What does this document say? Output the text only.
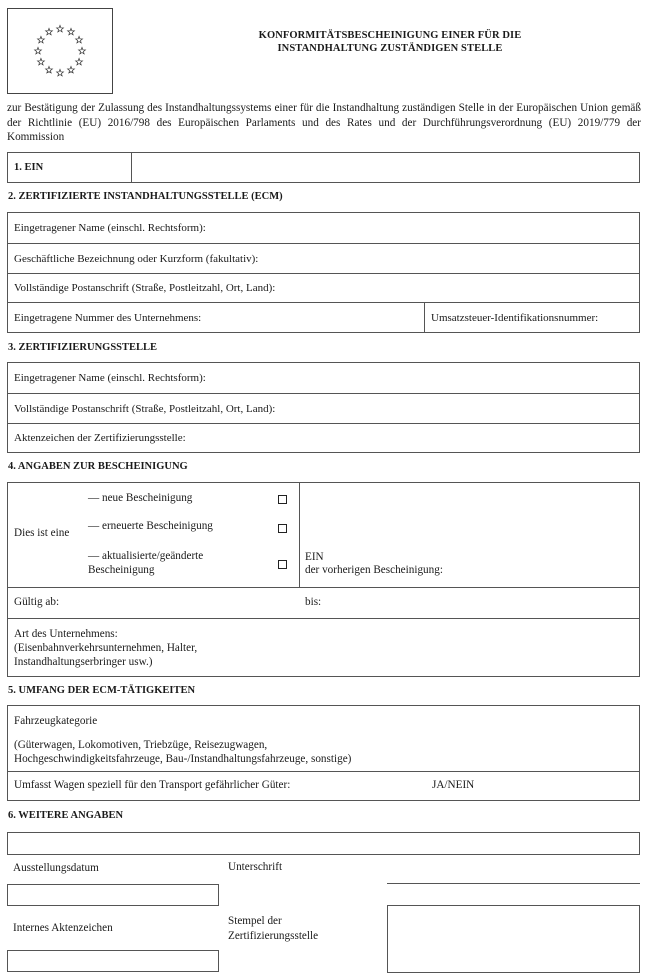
KONFORMITÄTSBESCHEINIGUNG EINER FÜR DIE
INSTANDHALTUNG ZUSTÄNDIGEN STELLE
zur Bestätigung der Zulassung des Instandhaltungssystems einer für die Instandhaltung zuständigen Stelle in der Europäischen Union gemäß der Richtlinie (EU) 2016/798 des Europäischen Parlaments und des Rates und der Durchführungsverordnung (EU) 2019/779 der Kommission
1. EIN
2. ZERTIFIZIERTE INSTANDHALTUNGSSTELLE (ECM)
Eingetragener Name (einschl. Rechtsform):
Geschäftliche Bezeichnung oder Kurzform (fakultativ):
Vollständige Postanschrift (Straße, Postleitzahl, Ort, Land):
Eingetragene Nummer des Unternehmens:	Umsatzsteuer-Identifikationsnummer:
3. ZERTIFIZIERUNGSSTELLE
Eingetragener Name (einschl. Rechtsform):
Vollständige Postanschrift (Straße, Postleitzahl, Ort, Land):
Aktenzeichen der Zertifizierungsstelle:
4. ANGABEN ZUR BESCHEINIGUNG
Dies ist eine
— neue Bescheinigung
— erneuerte Bescheinigung
— aktualisierte/geänderte
Bescheinigung
EIN
der vorherigen Bescheinigung:
Gültig ab:	bis:
Art des Unternehmens:
(Eisenbahnverkehrsunternehmen, Halter,
Instandhaltungserbringer usw.)
5. UMFANG DER ECM-TÄTIGKEITEN
Fahrzeugkategorie
(Güterwagen, Lokomotiven, Triebzüge, Reisezugwagen,
Hochgeschwindigkeitsfahrzeuge, Bau-/Instandhaltungsfahrzeuge, sonstige)
Umfasst Wagen speziell für den Transport gefährlicher Güter:	JA/NEIN
6. WEITERE ANGABEN
Ausstellungsdatum	Unterschrift
Internes Aktenzeichen
Stempel der
Zertifizierungsstelle
